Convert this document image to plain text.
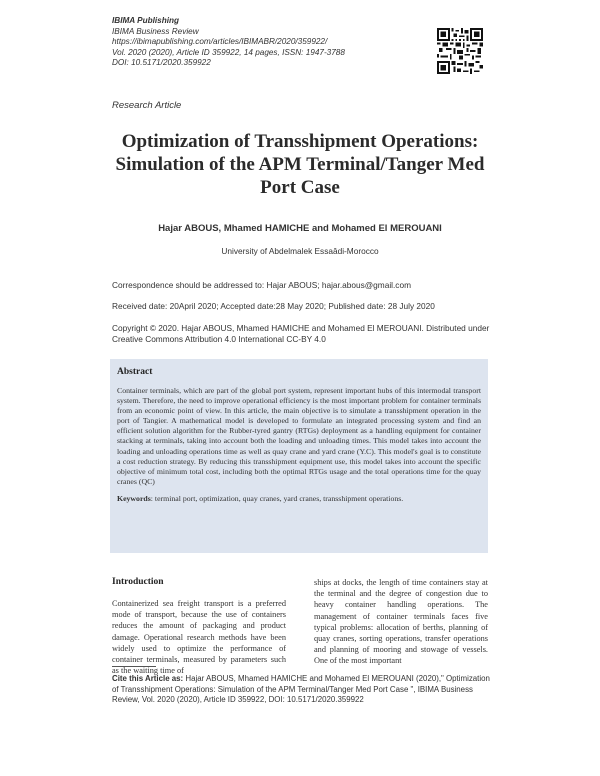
IBIMA Publishing
IBIMA Business Review
https://ibimapublishing.com/articles/IBIMABR/2020/359922/
Vol. 2020 (2020), Article ID 359922, 14 pages, ISSN: 1947-3788
DOI: 10.5171/2020.359922
Research Article
Optimization of Transshipment Operations: Simulation of the APM Terminal/Tanger Med Port Case
Hajar ABOUS, Mhamed HAMICHE and Mohamed El MEROUANI
University of Abdelmalek Essaâdi-Morocco
Correspondence should be addressed to: Hajar ABOUS; hajar.abous@gmail.com
Received date: 20April 2020; Accepted date:28 May 2020; Published date: 28 July 2020
Copyright © 2020. Hajar ABOUS, Mhamed HAMICHE and Mohamed El MEROUANI. Distributed under Creative Commons Attribution 4.0 International CC-BY 4.0
Abstract
Container terminals, which are part of the global port system, represent important hubs of this intermodal transport system. Therefore, the need to improve operational efficiency is the most important problem for container terminals from an economic point of view. In this article, the main objective is to simulate a transshipment operation in the port of Tangier. A mathematical model is developed to formulate an integrated processing system and find an efficient solution algorithm for the Rubber-tyred gantry (RTGs) deployment as a handling equipment for container stacking at terminals, taking into account both the loading and unloading times. This model takes into account the loading and unloading operations time as well as quay crane and yard crane (Y.C). This model's goal is to constitute a cost reduction strategy. By reducing this transshipment equipment use, this model takes into account the specific objective of minimum total cost, including both the optimal RTGs usage and the total operations time for the quay cranes (QC)
Keywords: terminal port, optimization, quay cranes, yard cranes, transshipment operations.
Introduction
Containerized sea freight transport is a preferred mode of transport, because the use of containers reduces the amount of packaging and product damage. Operational research methods have been widely used to optimize the performance of container terminals, measured by parameters such as the waiting time of
ships at docks, the length of time containers stay at the terminal and the degree of congestion due to heavy container handling operations. The management of container terminals faces five typical problems: allocation of berths, planning of quay cranes, sorting operations, transfer operations and planning of mooring and stowage of vessels. One of the most important
Cite this Article as: Hajar ABOUS, Mhamed HAMICHE and Mohamed El MEROUANI (2020)," Optimization of Transshipment Operations: Simulation of the APM Terminal/Tanger Med Port Case ", IBIMA Business Review, Vol. 2020 (2020), Article ID 359922, DOI: 10.5171/2020.359922
